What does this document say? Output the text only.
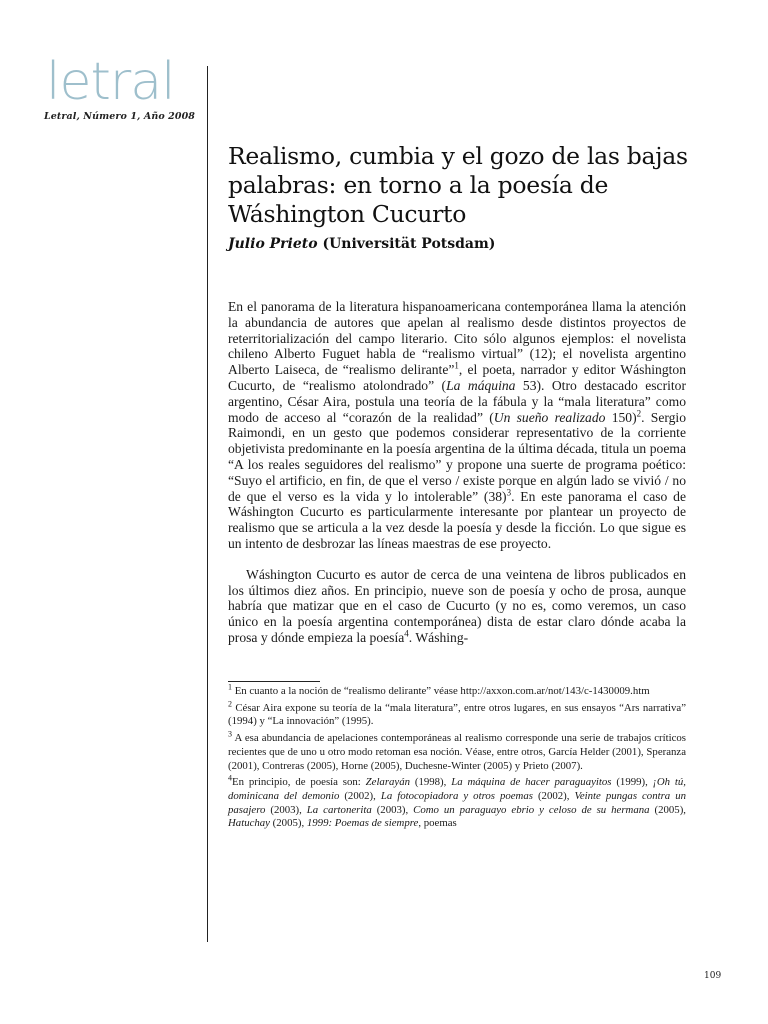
letral
Letral, Número 1, Año 2008
Realismo, cumbia y el gozo de las bajas palabras: en torno a la poesía de Wáshington Cucurto
Julio Prieto (Universität Potsdam)

En el panorama de la literatura hispanoamericana contemporánea llama la atención la abundancia de autores que apelan al realismo desde distintos proyectos de reterritorialización del campo literario. Cito sólo algunos ejemplos: el novelista chileno Alberto Fuguet habla de “realismo virtual” (12); el novelista argentino Alberto Laiseca, de “realismo delirante”$^1$, el poeta, narrador y editor Wáshington Cucurto, de “realismo atolondrado” (La máquina 53). Otro destacado escritor argentino, César Aira, postula una teoría de la fábula y la “mala literatura” como modo de acceso al “corazón de la realidad” (Un sueño realizado 150)$^2$. Sergio Raimondi, en un gesto que podemos considerar representativo de la corriente objetivista predominante en la poesía argentina de la última década, titula un poema “A los reales seguidores del realismo” y propone una suerte de programa poético: “Suyo el artificio, en fin, de que el verso / existe porque en algún lado se vivió / no de que el verso es la vida y lo intolerable” $(38)^3$. En este panorama el caso de Wáshington Cucurto es particularmente interesante por plantear un proyecto de realismo que se articula a la vez desde la poesía y desde la ficción. Lo que sigue es un intento de desbrozar las líneas maestras de ese proyecto.

Wáshington Cucurto es autor de cerca de una veintena de libros publicados en los últimos diez años. En principio, nueve son de poesía y ocho de prosa, aunque habría que matizar que en el caso de Cucurto (y no es, como veremos, un caso único en la poesía argentina contemporánea) dista de estar claro dónde acaba la prosa y dónde empieza la poesía$^4$. Wáshing-

$^1$ En cuanto a la noción de “realismo delirante” véase http://axxon.com.ar/not/143/c-1430009.htm

$^2$ César Aira expone su teoría de la “mala literatura”, entre otros lugares, en sus ensayos “Ars narrativa” (1994) y “La innovación” (1995).

$^3$ A esa abundancia de apelaciones contemporáneas al realismo corresponde una serie de trabajos críticos recientes que de uno u otro modo retoman esa noción. Véase, entre otros, García Helder (2001), Speranza (2001), Contreras (2005), Horne (2005), Duchesne-Winter (2005) y Prieto (2007).

$^4$En principio, de poesía son: Zelarayán (1998), La máquina de hacer paraguayitos (1999), ¡Oh tú, dominicana del demonio (2002), La fotocopiadora y otros poemas (2002), Veinte pungas contra un pasajero (2003), La cartonerita (2003), Como un paraguayo ebrio y celoso de su hermana (2005), Hatuchay (2005), 1999: Poemas de siempre, poemas

109
